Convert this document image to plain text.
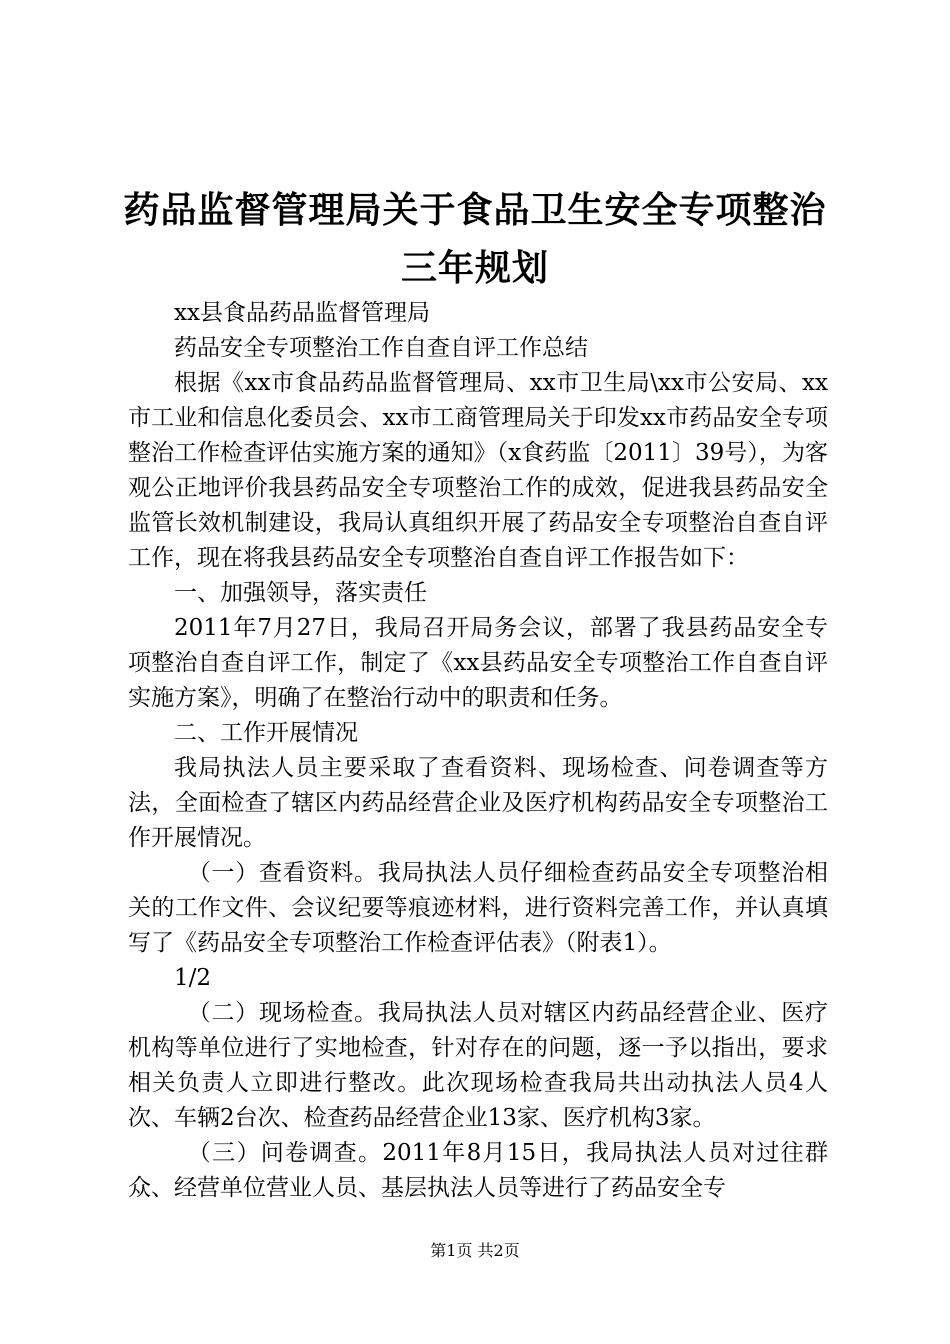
药品监督管理局关于食品卫生安全专项整治三年规划

xx县食品药品监督管理局

药品安全专项整治工作自查自评工作总结

根据《xx市食品药品监督管理局、xx市卫生局\xx市公安局、xx市工业和信息化委员会、xx市工商管理局关于印发xx市药品安全专项整治工作检查评估实施方案的通知》（x食药监〔2011〕39号），为客观公正地评价我县药品安全专项整治工作的成效，促进我县药品安全监管长效机制建设，我局认真组织开展了药品安全专项整治自查自评工作，现在将我县药品安全专项整治自查自评工作报告如下：

一、加强领导，落实责任

2011年7月27日，我局召开局务会议，部署了我县药品安全专项整治自查自评工作，制定了《xx县药品安全专项整治工作自查自评实施方案》，明确了在整治行动中的职责和任务。

二、工作开展情况

我局执法人员主要采取了查看资料、现场检查、问卷调查等方法，全面检查了辖区内药品经营企业及医疗机构药品安全专项整治工作开展情况。

（一）查看资料。我局执法人员仔细检查药品安全专项整治相关的工作文件、会议纪要等痕迹材料，进行资料完善工作，并认真填写了《药品安全专项整治工作检查评估表》（附表1）。

1/2

（二）现场检查。我局执法人员对辖区内药品经营企业、医疗机构等单位进行了实地检查，针对存在的问题，逐一予以指出，要求相关负责人立即进行整改。此次现场检查我局共出动执法人员4人次、车辆2台次、检查药品经营企业13家、医疗机构3家。

（三）问卷调查。2011年8月15日，我局执法人员对过往群众、经营单位营业人员、基层执法人员等进行了药品安全专

第1页 共2页
